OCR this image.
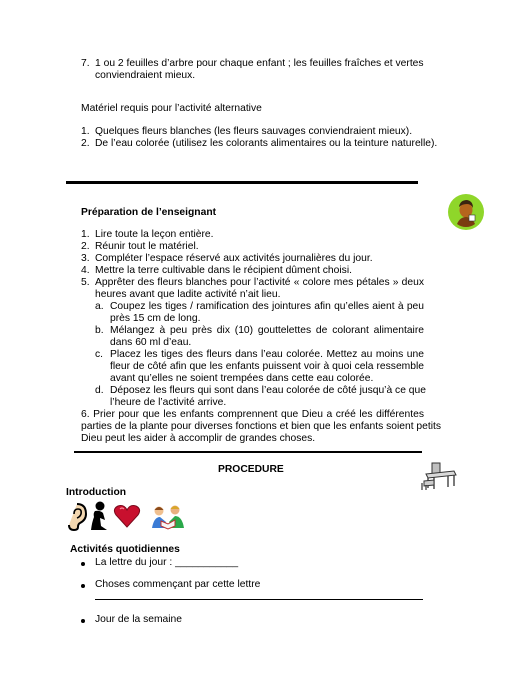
7. 1 ou 2 feuilles d’arbre pour chaque enfant ; les feuilles fraîches et vertes
conviendraient mieux.
Matériel requis pour l’activité alternative
1. Quelques fleurs blanches (les fleurs sauvages conviendraient mieux).
2. De l’eau colorée (utilisez les colorants alimentaires ou la teinture naturelle).
Préparation de l’enseignant
1. Lire toute la leçon entière.
2. Réunir tout le matériel.
3. Compléter l’espace réservé aux activités journalières du jour.
4. Mettre la terre cultivable dans le récipient dûment choisi.
5. Apprêter des fleurs blanches pour l’activité « colore mes pétales » deux
heures avant que ladite activité n’ait lieu.
a. Coupez les tiges / ramification des jointures afin qu’elles aient à peu
près 15 cm de long.
b. Mélangez à peu près dix (10) gouttelettes de colorant alimentaire
dans 60 ml d’eau.
c. Placez les tiges des fleurs dans l’eau colorée. Mettez au moins une
fleur de côté afin que les enfants puissent voir à quoi cela ressemble
avant qu’elles ne soient trempées dans cette eau colorée.
d. Déposez les fleurs qui sont dans l’eau colorée de côté jusqu’à ce que
l’heure de l’activité arrive.
6. Prier pour que les enfants comprennent que Dieu a créé les différentes
parties de la plante pour diverses fonctions et bien que les enfants soient petits
Dieu peut les aider à accomplir de grandes choses.
PROCEDURE
Introduction
Activités quotidiennes
La lettre du jour : ___________
Choses commençant par cette lettre
Jour de la semaine
